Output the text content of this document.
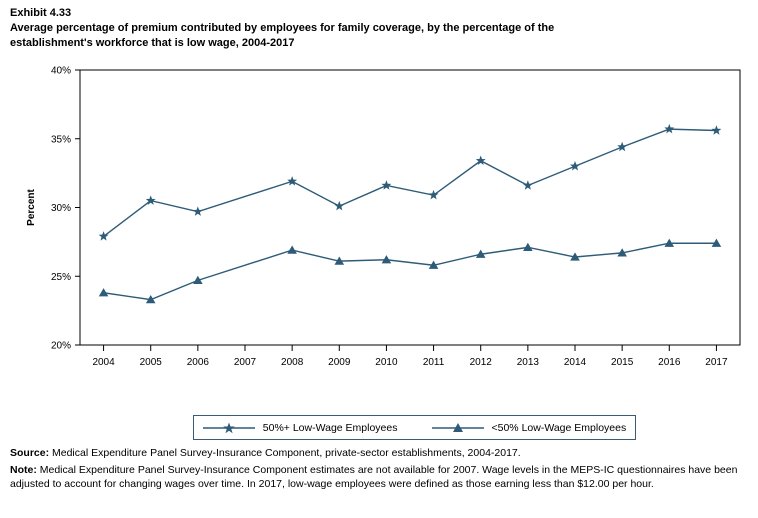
Exhibit 4.33
Average percentage of premium contributed by employees for family coverage, by the percentage of the
establishment's workforce that is low wage, 2004-2017
20%
25%
30%
35%
40%
Percent
2004 2005 2006 2007 2008 2009 2010	2011	2012 2013 2014 2015 2016 2017
50%+ Low-Wage Employees	<50% Low-Wage Employees
Source: Medical Expenditure Panel Survey-Insurance Component, private-sector establishments, 2004-2017.
Note: Medical Expenditure Panel Survey-Insurance Component estimates are not available for 2007. Wage levels in the MEPS-IC questionnaires have been adjusted to account for changing wages over time. In 2017, low-wage employees were defined as those earning less than $12.00 per hour.
